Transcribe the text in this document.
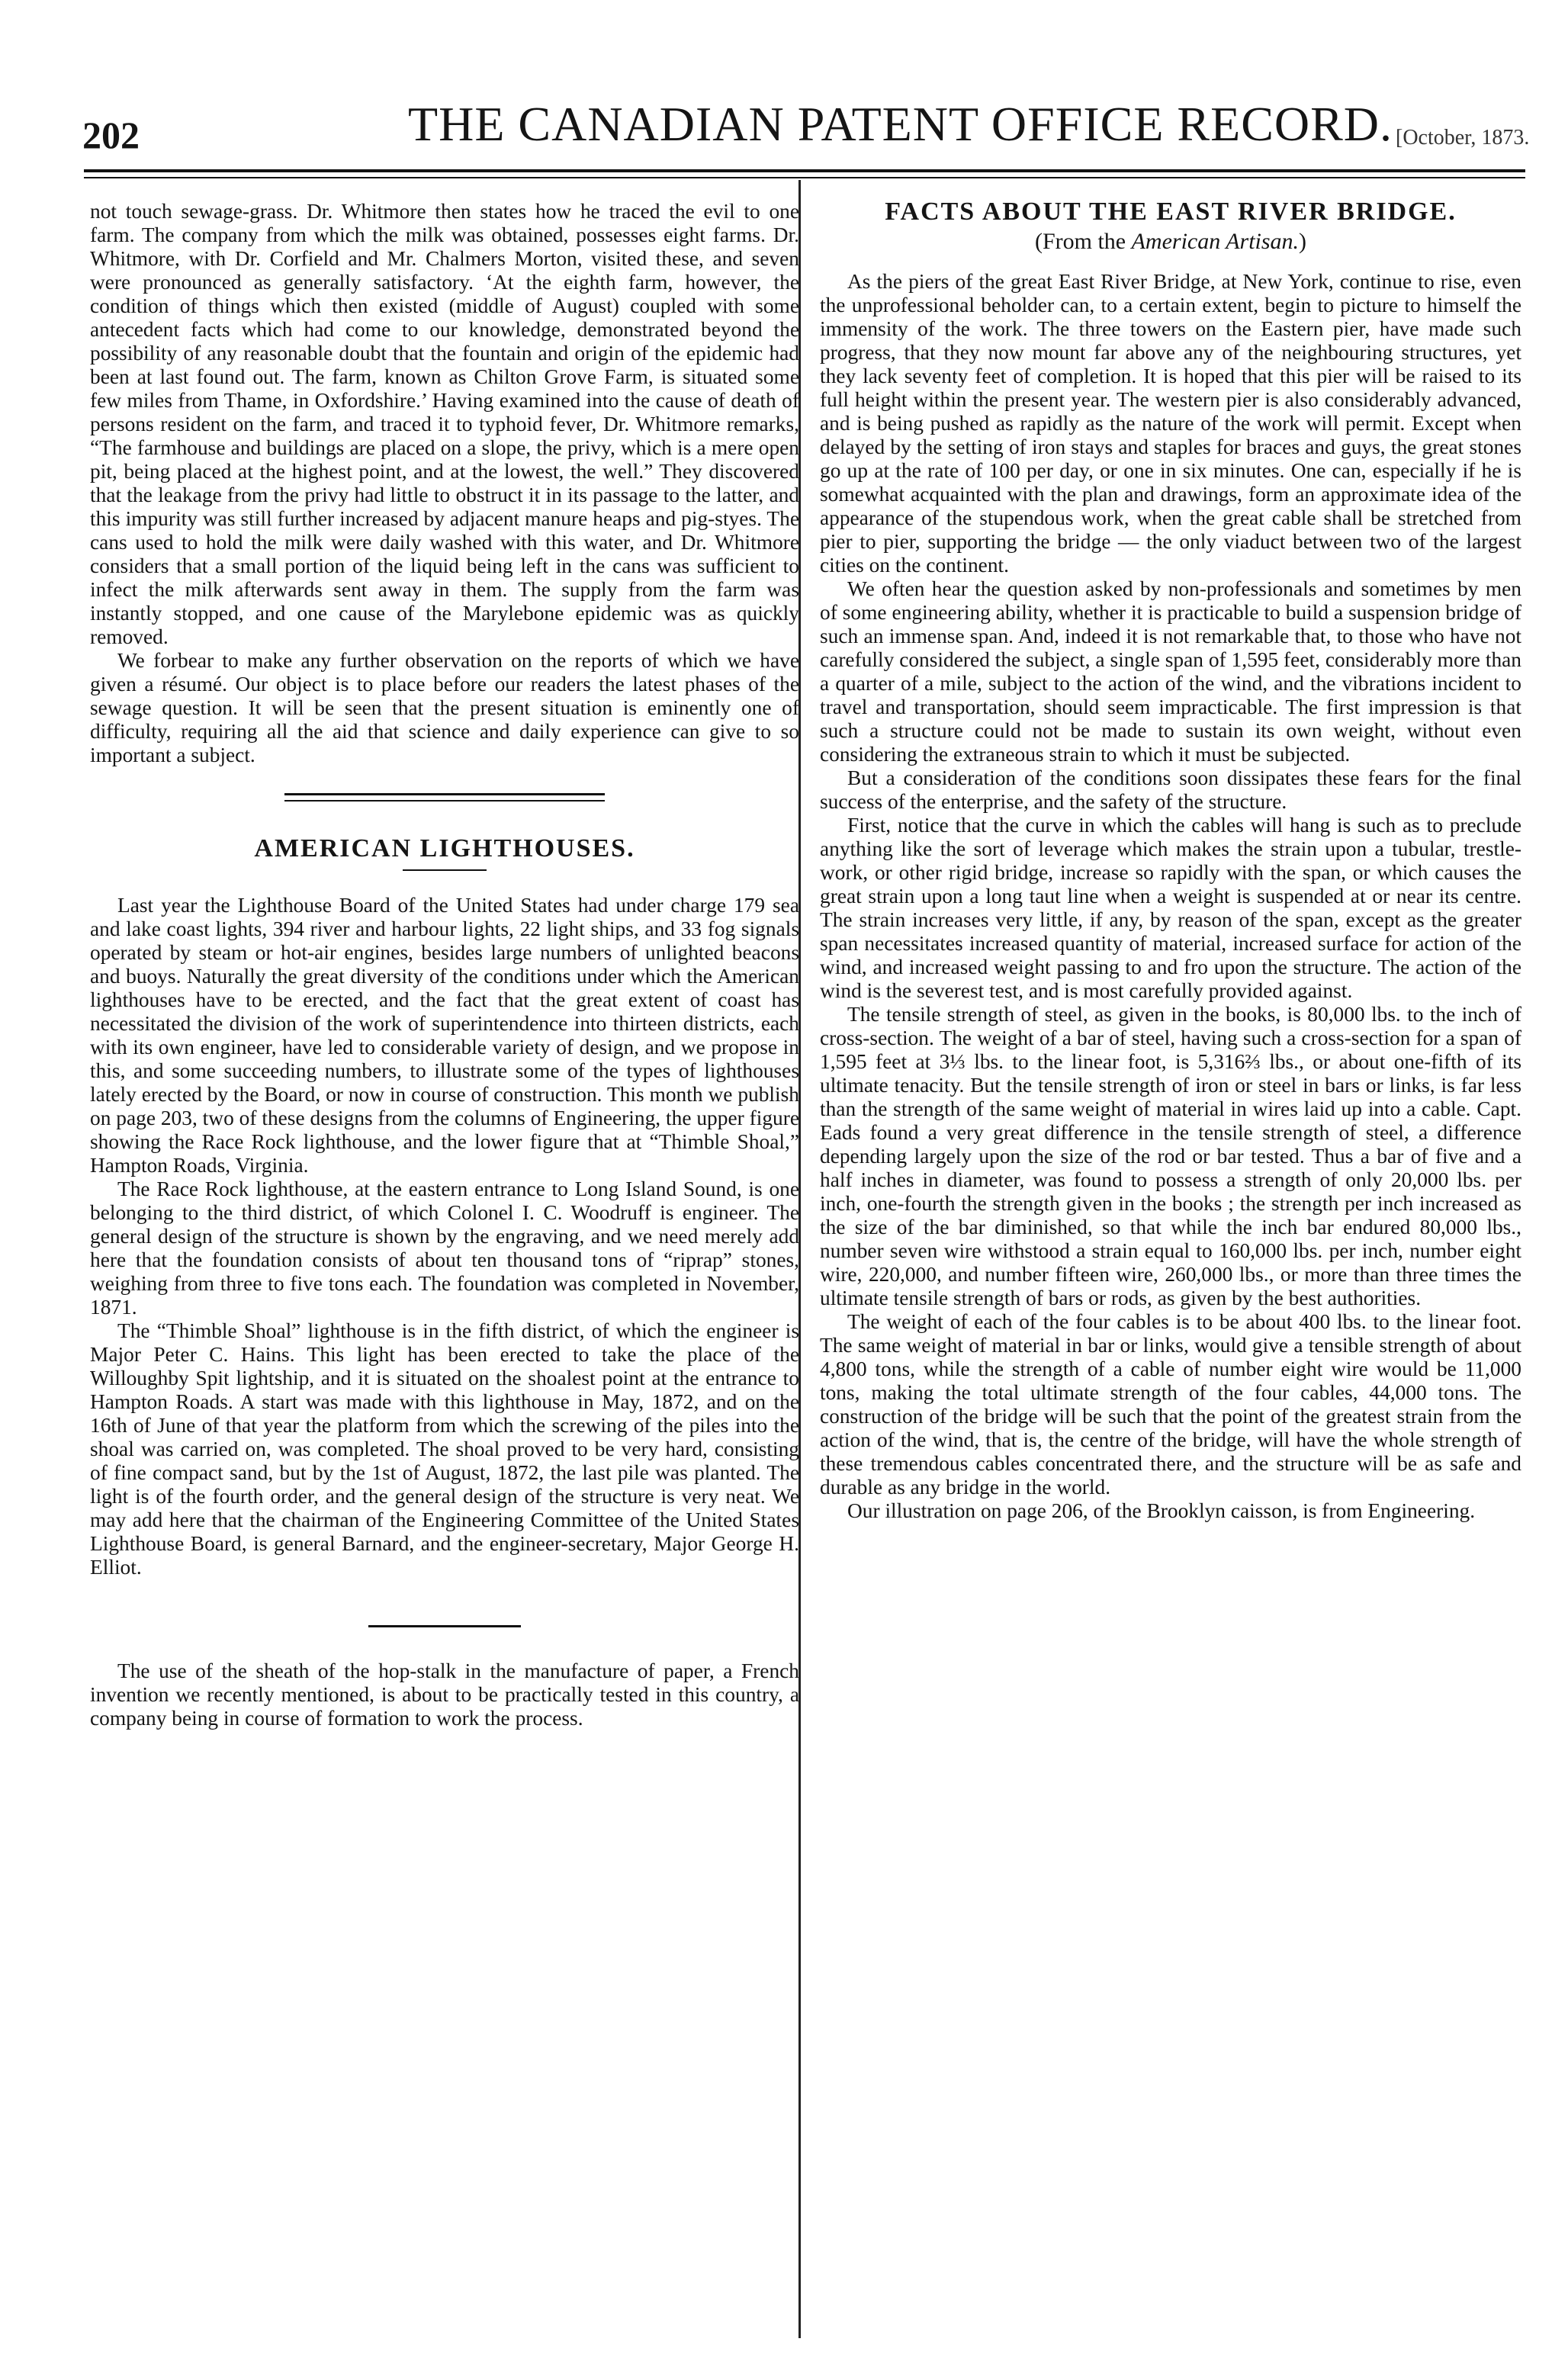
202	THE CANADIAN PATENT OFFICE RECORD. [October, 1873.

not touch sewage-grass. Dr. Whitmore then states how he traced the evil to one farm. The company from which the milk was obtained, possesses eight farms. Dr. Whitmore, with Dr. Corfield and Mr. Chalmers Morton, visited these, and seven were pronounced as generally satisfactory. ‘At the eighth farm, however, the condition of things which then existed (middle of August) coupled with some antecedent facts which had come to our knowledge, demonstrated beyond the possibility of any reasonable doubt that the fountain and origin of the epidemic had been at last found out. The farm, known as Chilton Grove Farm, is situated some few miles from Thame, in Oxfordshire.’ Having examined into the cause of death of persons resident on the farm, and traced it to typhoid fever, Dr. Whitmore remarks, “The farmhouse and buildings are placed on a slope, the privy, which is a mere open pit, being placed at the highest point, and at the lowest, the well.” They discovered that the leakage from the privy had little to obstruct it in its passage to the latter, and this impurity was still further increased by adjacent manure heaps and pig-styes. The cans used to hold the milk were daily washed with this water, and Dr. Whitmore considers that a small portion of the liquid being left in the cans was sufficient to infect the milk afterwards sent away in them. The supply from the farm was instantly stopped, and one cause of the Marylebone epidemic was as quickly removed.

We forbear to make any further observation on the reports of which we have given a résumé. Our object is to place before our readers the latest phases of the sewage question. It will be seen that the present situation is eminently one of difficulty, requiring all the aid that science and daily experience can give to so important a subject.

AMERICAN LIGHTHOUSES.

Last year the Lighthouse Board of the United States had under charge 179 sea and lake coast lights, 394 river and harbour lights, 22 light ships, and 33 fog signals operated by steam or hot-air engines, besides large numbers of unlighted beacons and buoys. Naturally the great diversity of the conditions under which the American lighthouses have to be erected, and the fact that the great extent of coast has necessitated the division of the work of superintendence into thirteen districts, each with its own engineer, have led to considerable variety of design, and we propose in this, and some succeeding numbers, to illustrate some of the types of lighthouses lately erected by the Board, or now in course of construction. This month we publish on page 203, two of these designs from the columns of Engineering, the upper figure showing the Race Rock lighthouse, and the lower figure that at “Thimble Shoal,” Hampton Roads, Virginia.

The Race Rock lighthouse, at the eastern entrance to Long Island Sound, is one belonging to the third district, of which Colonel I. C. Woodruff is engineer. The general design of the structure is shown by the engraving, and we need merely add here that the foundation consists of about ten thousand tons of “riprap” stones, weighing from three to five tons each. The foundation was completed in November, 1871.

The “Thimble Shoal” lighthouse is in the fifth district, of which the engineer is Major Peter C. Hains. This light has been erected to take the place of the Willoughby Spit lightship, and it is situated on the shoalest point at the entrance to Hampton Roads. A start was made with this lighthouse in May, 1872, and on the 16th of June of that year the platform from which the screwing of the piles into the shoal was carried on, was completed. The shoal proved to be very hard, consisting of fine compact sand, but by the 1st of August, 1872, the last pile was planted. The light is of the fourth order, and the general design of the structure is very neat. We may add here that the chairman of the Engineering Committee of the United States Lighthouse Board, is general Barnard, and the engineer-secretary, Major George H. Elliot.

The use of the sheath of the hop-stalk in the manufacture of paper, a French invention we recently mentioned, is about to be practically tested in this country, a company being in course of formation to work the process.

FACTS ABOUT THE EAST RIVER BRIDGE.
(From the American Artisan.)

As the piers of the great East River Bridge, at New York, continue to rise, even the unprofessional beholder can, to a certain extent, begin to picture to himself the immensity of the work. The three towers on the Eastern pier, have made such progress, that they now mount far above any of the neighbouring structures, yet they lack seventy feet of completion. It is hoped that this pier will be raised to its full height within the present year. The western pier is also considerably advanced, and is being pushed as rapidly as the nature of the work will permit. Except when delayed by the setting of iron stays and staples for braces and guys, the great stones go up at the rate of 100 per day, or one in six minutes. One can, especially if he is somewhat acquainted with the plan and drawings, form an approximate idea of the appearance of the stupendous work, when the great cable shall be stretched from pier to pier, supporting the bridge — the only viaduct between two of the largest cities on the continent.

We often hear the question asked by non-professionals and sometimes by men of some engineering ability, whether it is practicable to build a suspension bridge of such an immense span. And, indeed it is not remarkable that, to those who have not carefully considered the subject, a single span of 1,595 feet, considerably more than a quarter of a mile, subject to the action of the wind, and the vibrations incident to travel and transportation, should seem impracticable. The first impression is that such a structure could not be made to sustain its own weight, without even considering the extraneous strain to which it must be subjected.

But a consideration of the conditions soon dissipates these fears for the final success of the enterprise, and the safety of the structure.

First, notice that the curve in which the cables will hang is such as to preclude anything like the sort of leverage which makes the strain upon a tubular, trestle-work, or other rigid bridge, increase so rapidly with the span, or which causes the great strain upon a long taut line when a weight is suspended at or near its centre. The strain increases very little, if any, by reason of the span, except as the greater span necessitates increased quantity of material, increased surface for action of the wind, and increased weight passing to and fro upon the structure. The action of the wind is the severest test, and is most carefully provided against.

The tensile strength of steel, as given in the books, is 80,000 lbs. to the inch of cross-section. The weight of a bar of steel, having such a cross-section for a span of 1,595 feet at 3⅓ lbs. to the linear foot, is 5,316⅔ lbs., or about one-fifth of its ultimate tenacity. But the tensile strength of iron or steel in bars or links, is far less than the strength of the same weight of material in wires laid up into a cable. Capt. Eads found a very great difference in the tensile strength of steel, a difference depending largely upon the size of the rod or bar tested. Thus a bar of five and a half inches in diameter, was found to possess a strength of only 20,000 lbs. per inch, one-fourth the strength given in the books ; the strength per inch increased as the size of the bar diminished, so that while the inch bar endured 80,000 lbs., number seven wire withstood a strain equal to 160,000 lbs. per inch, number eight wire, 220,000, and number fifteen wire, 260,000 lbs., or more than three times the ultimate tensile strength of bars or rods, as given by the best authorities.

The weight of each of the four cables is to be about 400 lbs. to the linear foot. The same weight of material in bar or links, would give a tensible strength of about 4,800 tons, while the strength of a cable of number eight wire would be 11,000 tons, making the total ultimate strength of the four cables, 44,000 tons. The construction of the bridge will be such that the point of the greatest strain from the action of the wind, that is, the centre of the bridge, will have the whole strength of these tremendous cables concentrated there, and the structure will be as safe and durable as any bridge in the world.

Our illustration on page 206, of the Brooklyn caisson, is from Engineering.
